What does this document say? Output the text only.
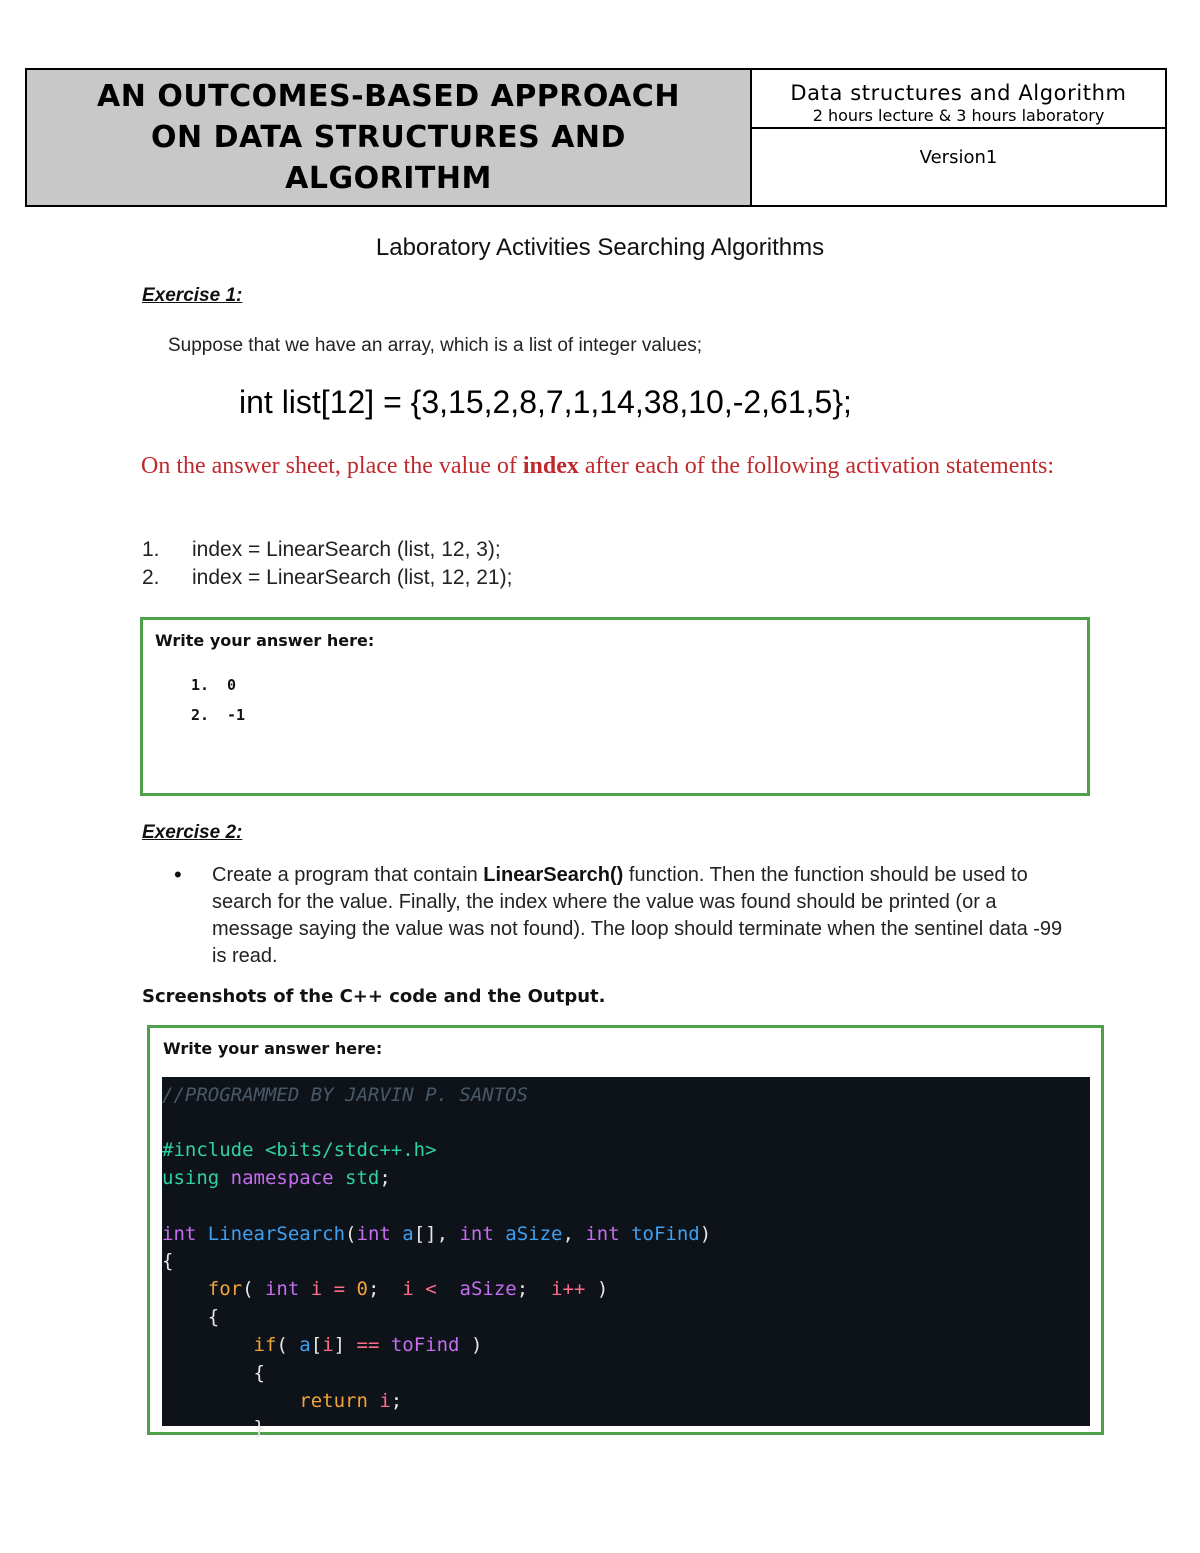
AN OUTCOMES-BASED APPROACH
ON DATA STRUCTURES AND
ALGORITHM
Data structures and Algorithm
2 hours lecture & 3 hours laboratory
Version1
Laboratory Activities Searching Algorithms
Exercise 1:
Suppose that we have an array, which is a list of integer values;
int list[12] = {3,15,2,8,7,1,14,38,10,-2,61,5};
On the answer sheet, place the value of index after each of the following activation statements:
1. index = LinearSearch (list, 12, 3);
2. index = LinearSearch (list, 12, 21);
Write your answer here:
1. 0
2. -1
Exercise 2:
• Create a program that contain LinearSearch() function. Then the function should be used to search for the value. Finally, the index where the value was found should be printed (or a message saying the value was not found). The loop should terminate when the sentinel data -99 is read.
Screenshots of the C++ code and the Output.
Write your answer here:
//PROGRAMMED BY JARVIN P. SANTOS
#include <bits/stdc++.h>
using namespace std;
int LinearSearch(int a[], int aSize, int toFind)
{
for( int i = 0;  i <  aSize;  i++ )
{
if( a[i] == toFind )
{
return i;
}
